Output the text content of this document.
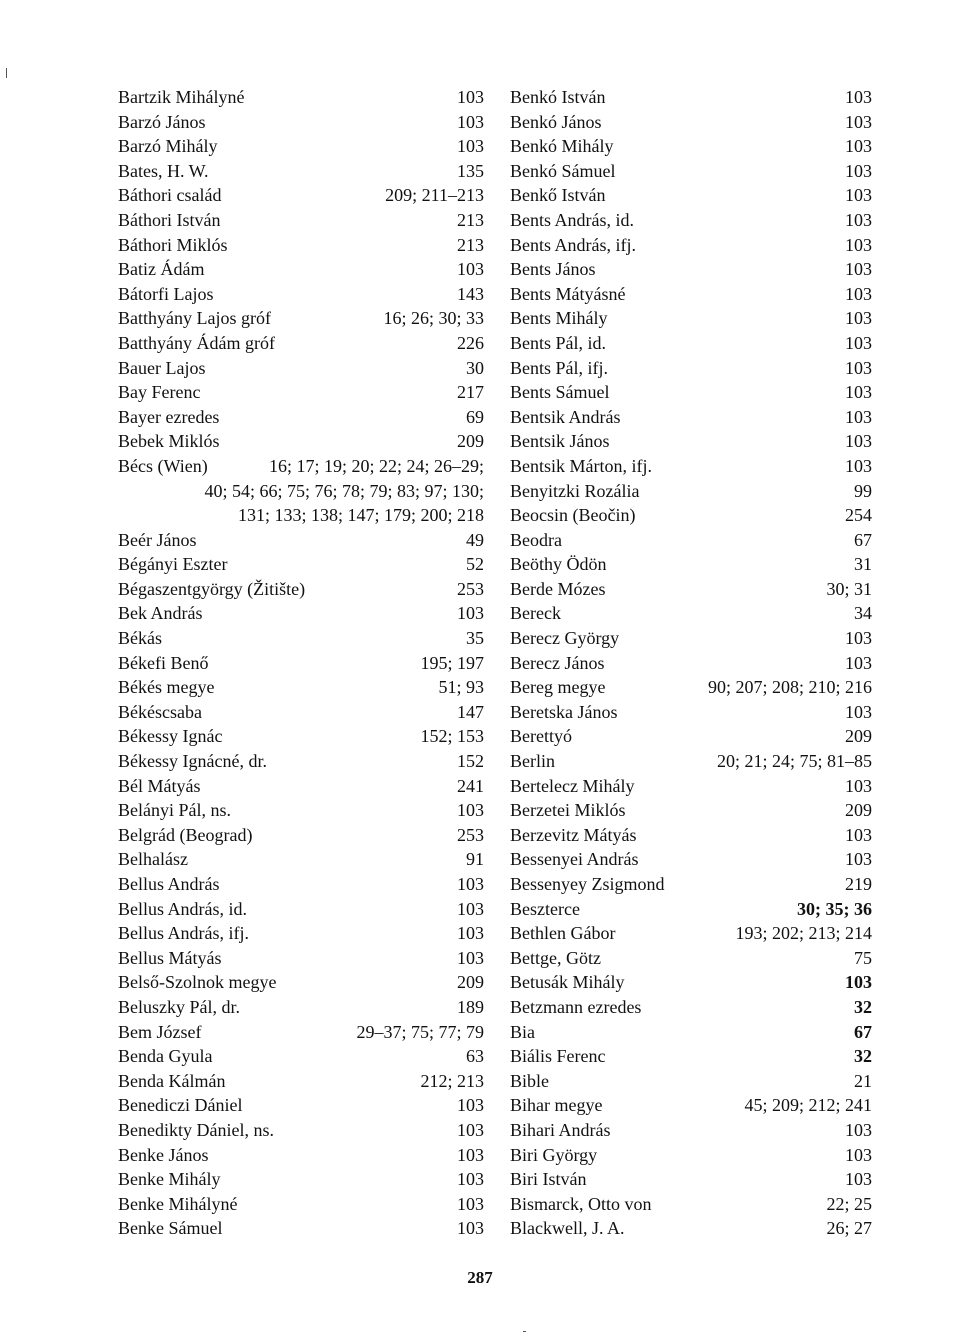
Bartzik Mihályné	103
Barzó János	103
Barzó Mihály	103
Bates, H. W.	135
Báthori család	209; 211–213
Báthori István	213
Báthori Miklós	213
Batiz Ádám	103
Bátorfi Lajos	143
Batthyány Lajos gróf	16; 26; 30; 33
Batthyány Ádám gróf	226
Bauer Lajos	30
Bay Ferenc	217
Bayer ezredes	69
Bebek Miklós	209
Bécs (Wien)	16; 17; 19; 20; 22; 24; 26–29;
40; 54; 66; 75; 76; 78; 79; 83; 97; 130;
131; 133; 138; 147; 179; 200; 218
Beér János	49
Bégányi Eszter	52
Bégaszentgyörgy (Žitište)	253
Bek András	103
Békás	35
Békefi Benő	195; 197
Békés megye	51; 93
Békéscsaba	147
Békessy Ignác	152; 153
Békessy Ignácné, dr.	152
Bél Mátyás	241
Belányi Pál, ns.	103
Belgrád (Beograd)	253
Belhalász	91
Bellus András	103
Bellus András, id.	103
Bellus András, ifj.	103
Bellus Mátyás	103
Belső-Szolnok megye	209
Beluszky Pál, dr.	189
Bem József	29–37; 75; 77; 79
Benda Gyula	63
Benda Kálmán	212; 213
Benediczi Dániel	103
Benedikty Dániel, ns.	103
Benke János	103
Benke Mihály	103
Benke Mihályné	103
Benke Sámuel	103
Benkó István	103
Benkó János	103
Benkó Mihály	103
Benkó Sámuel	103
Benkő István	103
Bents András, id.	103
Bents András, ifj.	103
Bents János	103
Bents Mátyásné	103
Bents Mihály	103
Bents Pál, id.	103
Bents Pál, ifj.	103
Bents Sámuel	103
Bentsik András	103
Bentsik János	103
Bentsik Márton, ifj.	103
Benyitzki Rozália	99
Beocsin (Beočin)	254
Beodra	67
Beöthy Ödön	31
Berde Mózes	30; 31
Bereck	34
Berecz György	103
Berecz János	103
Bereg megye	90; 207; 208; 210; 216
Beretska János	103
Berettyó	209
Berlin	20; 21; 24; 75; 81–85
Bertelecz Mihály	103
Berzetei Miklós	209
Berzevitz Mátyás	103
Bessenyei András	103
Bessenyey Zsigmond	219
Beszterce	30; 35; 36
Bethlen Gábor	193; 202; 213; 214
Bettge, Götz	75
Betusák Mihály	103
Betzmann ezredes	32
Bia	67
Biális Ferenc	32
Bible	21
Bihar megye	45; 209; 212; 241
Bihari András	103
Biri György	103
Biri István	103
Bismarck, Otto von	22; 25
Blackwell, J. A.	26; 27
287
